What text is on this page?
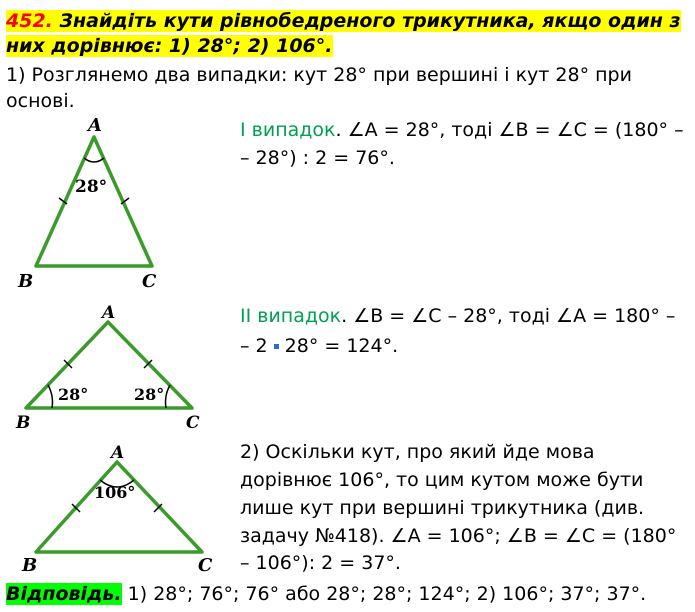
452. Знайдіть кути рівнобедреного трикутника, якщо один з
них дорівнює: 1) 28°; 2) 106°.
1) Розглянемо два випадки: кут 28° при вершині і кут 28° при
основі.
І випадок. ∠A = 28°, тоді ∠B = ∠C = (180° –
– 28°) : 2 = 76°.
ІІ випадок. ∠B = ∠C – 28°, тоді ∠A = 180° –
– 2 28° = 124°.
2) Оскільки кут, про який йде мова
дорівнює 106°, то цим кутом може бути
лише кут при вершині трикутника (див.
задачу №418). ∠A = 106°; ∠B = ∠C = (180°
– 106°): 2 = 37°.
Відповідь. 1) 28°; 76°; 76° або 28°; 28°; 124°; 2) 106°; 37°; 37°.
A
B	C
28°
A
B	C
28°	28°
A
B	C
106°
